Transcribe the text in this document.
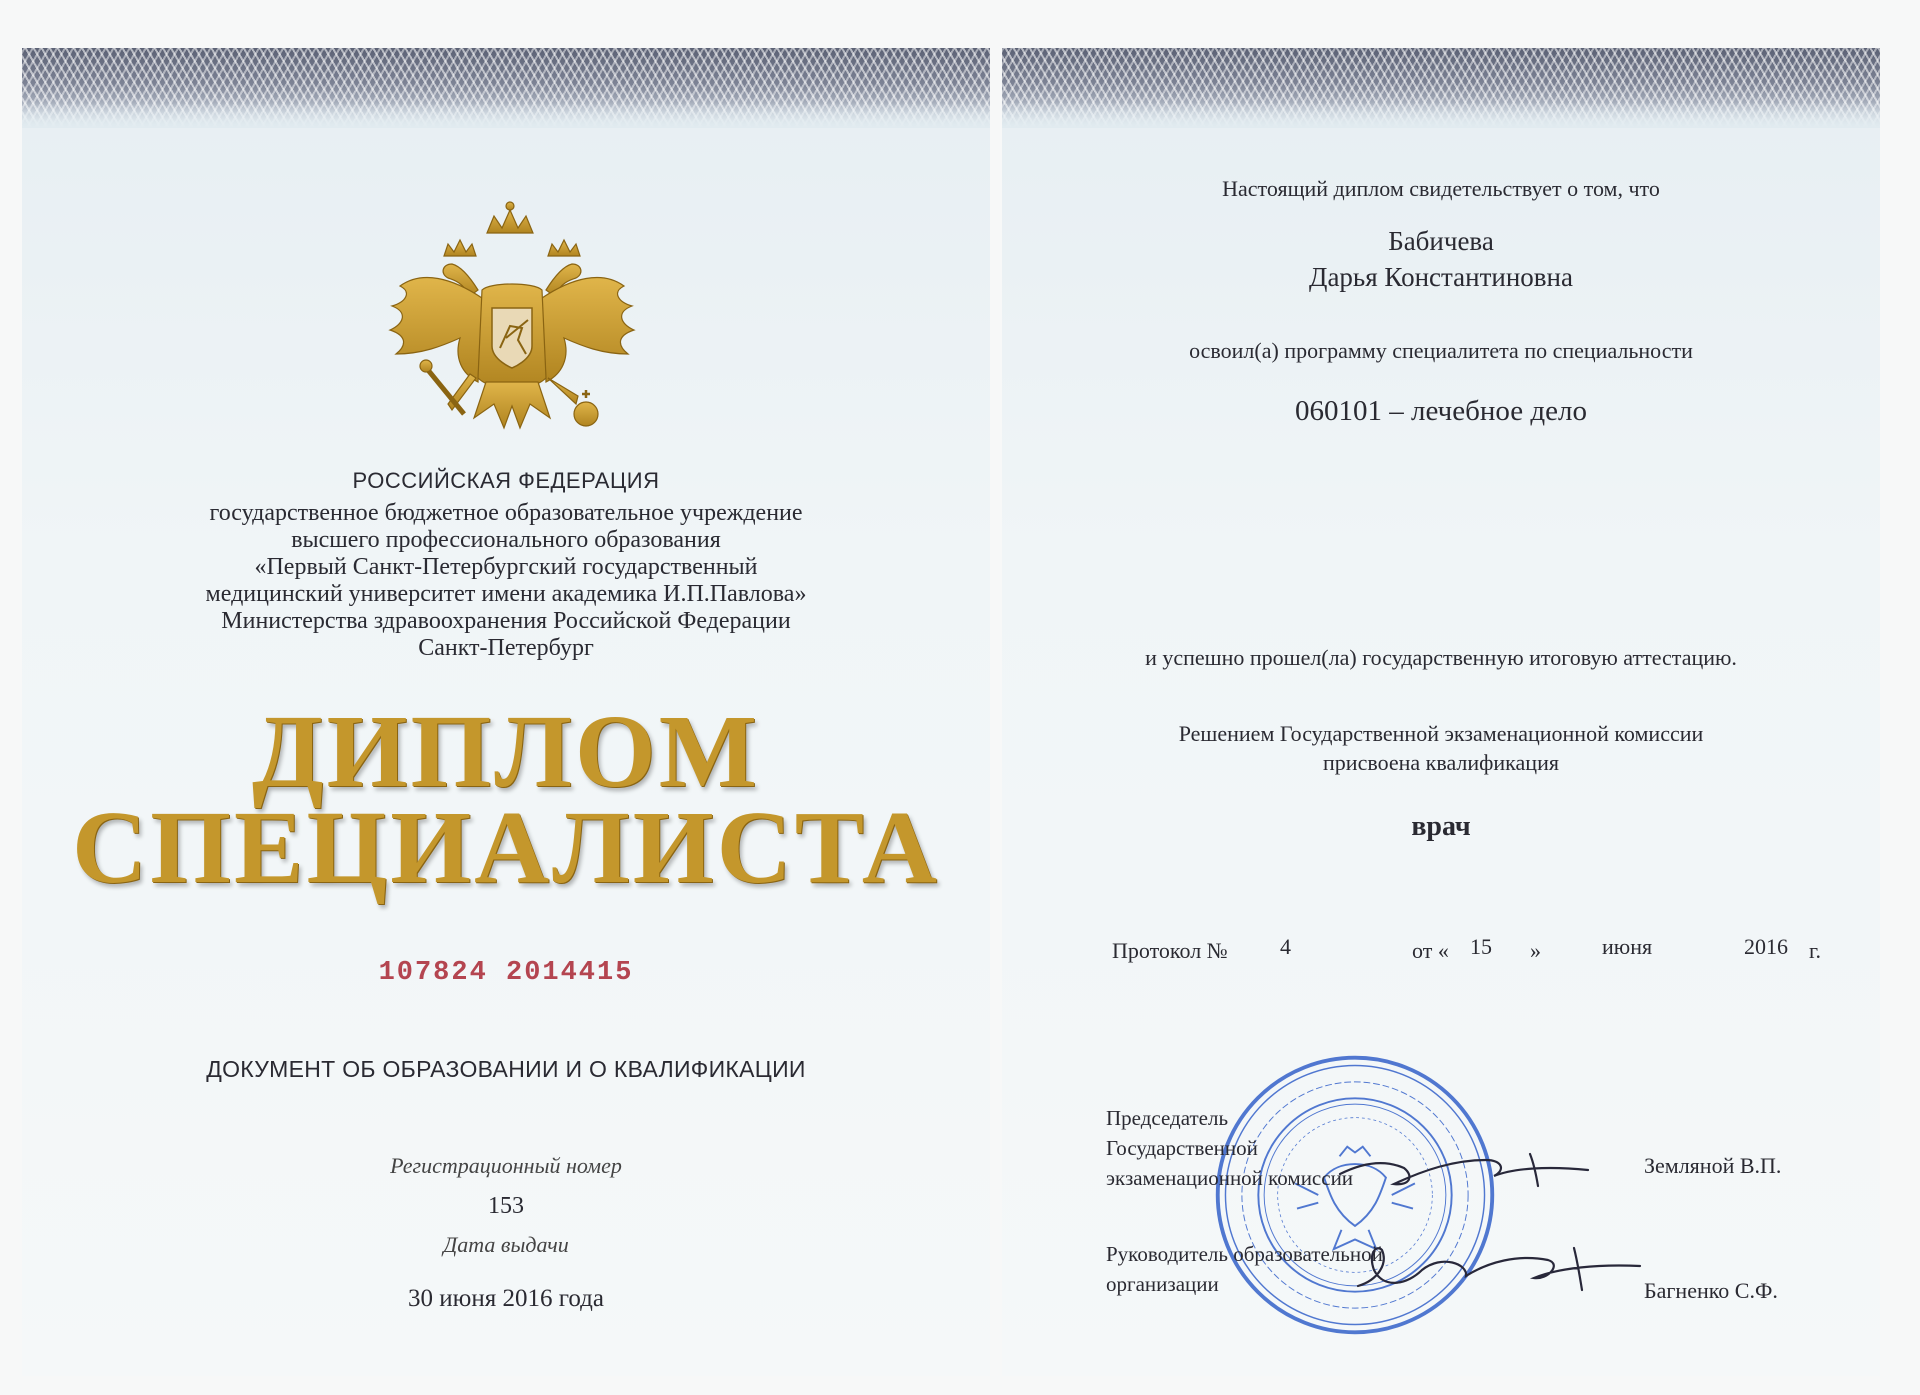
РОССИЙСКАЯ ФЕДЕРАЦИЯ
государственное бюджетное образовательное учреждение
высшего профессионального образования
«Первый Санкт-Петербургский государственный
медицинский университет имени академика И.П.Павлова»
Министерства здравоохранения Российской Федерации
Санкт-Петербург
ДИПЛОМ
СПЕЦИАЛИСТА
107824 2014415
ДОКУМЕНТ ОБ ОБРАЗОВАНИИ И О КВАЛИФИКАЦИИ
Регистрационный номер
153
Дата выдачи
30 июня 2016 года
Настоящий диплом свидетельствует о том, что
Бабичева
Дарья Константиновна
освоил(а) программу специалитета по специальности
060101 – лечебное дело
и успешно прошел(ла) государственную итоговую аттестацию.
Решением Государственной экзаменационной комиссии
присвоена квалификация
врач
Протокол № 4	от « 15 »	июня	2016 г.
Председатель
Государственной
экзаменационной комиссии	Земляной В.П.
Руководитель образовательной
организации	Багненко С.Ф.
